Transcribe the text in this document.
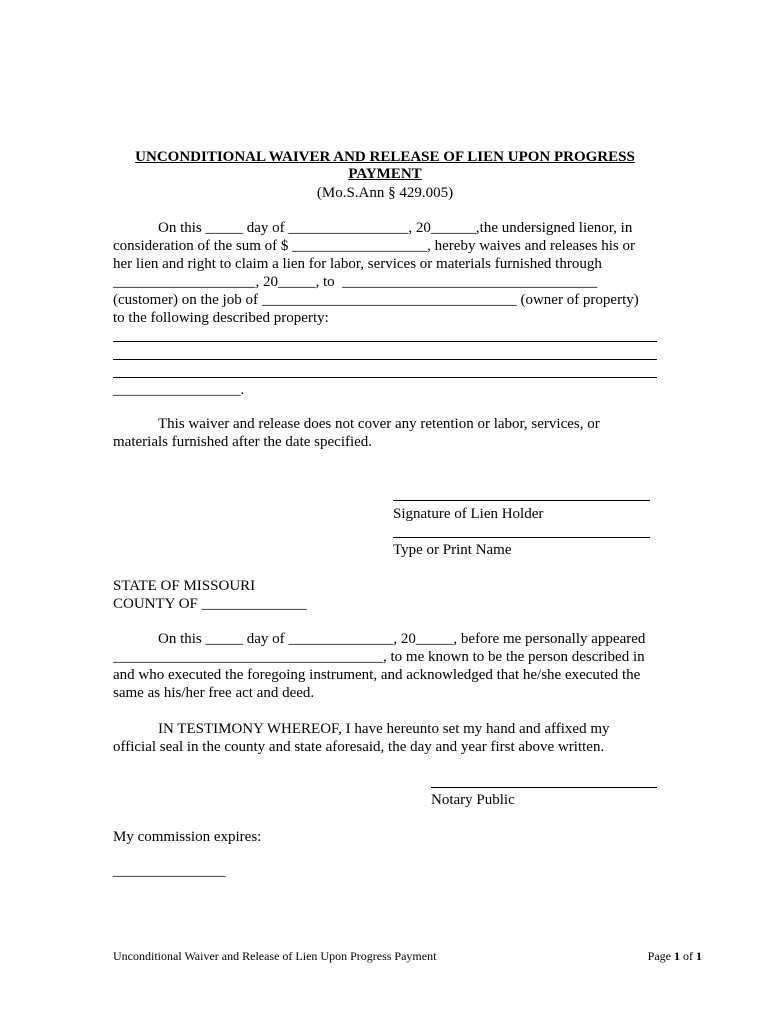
UNCONDITIONAL WAIVER AND RELEASE OF LIEN UPON PROGRESS
PAYMENT
(Mo.S.Ann § 429.005)
On this _____ day of ________________, 20______,the undersigned lienor, in
consideration of the sum of $ __________________, hereby waives and releases his or
her lien and right to claim a lien for labor, services or materials furnished through
___________________, 20_____, to  __________________________________
(customer) on the job of __________________________________ (owner of property)
to the following described property:
_________________.
This waiver and release does not cover any retention or labor, services, or
materials furnished after the date specified.
Signature of Lien Holder
Type or Print Name
STATE OF MISSOURI
COUNTY OF ______________
On this _____ day of ______________, 20_____, before me personally appeared
____________________________________, to me known to be the person described in
and who executed the foregoing instrument, and acknowledged that he/she executed the
same as his/her free act and deed.
IN TESTIMONY WHEREOF, I have hereunto set my hand and affixed my
official seal in the county and state aforesaid, the day and year first above written.
Notary Public
My commission expires:
_______________
Unconditional Waiver and Release of Lien Upon Progress Payment	Page 1 of 1
